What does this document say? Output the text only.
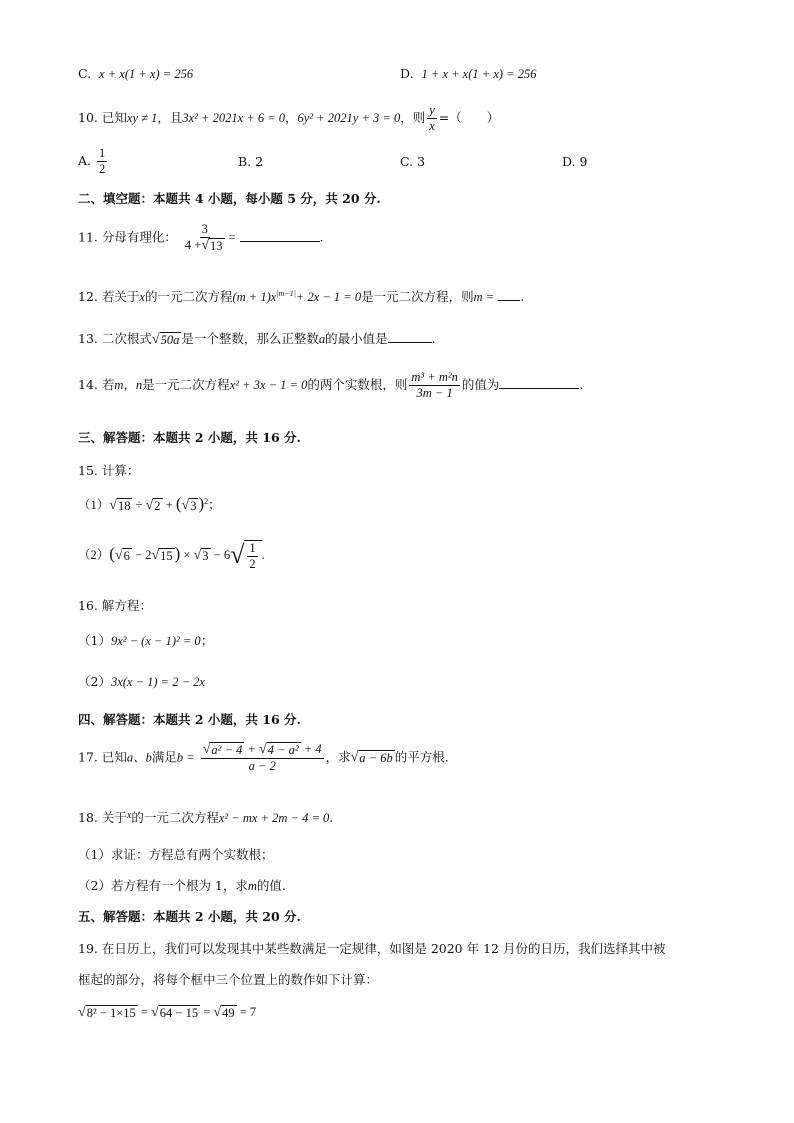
C. x + x(1 + x) = 256	D. 1 + x + x(1 + x) = 256
10. 已知xy ≠ 1，且3x² + 2021x + 6 = 0，6y² + 2021y + 3 = 0，则 $\frac{y}{x}$ =（　　）
A. $\frac{1}{2}$	B. 2	C. 3	D. 9
二、填空题：本题共 4 小题，每小题 5 分，共 20 分.
11. 分母有理化： $\frac{3}{4 + √ 13}$ =	.
12. 若关于x的一元二次方程$(m + 1)x^{|m-1|}+ 2x - 1 = 0$是一元二次方程，则m = .
13. 二次根式 √ 50a 是一个整数，那么正整数a的最小值是	.
14. 若m，n是一元二次方程x² + 3x − 1 = 0的两个实数根，则 $\frac{\text{m³ + m²n}}{3m - 1}$ 的值为	.
三、解答题：本题共 2 小题，共 16 分.
15. 计算：
（1） √ 18 ÷ √ 2 + ( √ 3 )$^2$；
（2）( √ 6 − 2 √ 15 ) × √ 3 − 6 √ $\frac{1}{2}$ .
16. 解方程：
（1）9x² − (x − 1)² = 0；
（2）3x(x − 1) = 2 − 2x
四、解答题：本题共 2 小题，共 16 分.
17. 已知a、b满足$b = \frac{\text{√ a² − 4 + √ 4 − a² + 4}}{a - 2}$ ，求 √ a − 6b 的平方根.
18. 关于$^x$的一元二次方程x² − mx + 2m − 4 = 0.
（1）求证：方程总有两个实数根；
（2）若方程有一个根为 1，求m的值.
五、解答题：本题共 2 小题，共 20 分.
19. 在日历上，我们可以发现其中某些数满足一定规律，如图是 2020 年 12 月份的日历，我们选择其中被
框起的部分，将每个框中三个位置上的数作如下计算：
√ 8² − 1×15 = √ 64 − 15 = √ 49 = 7
